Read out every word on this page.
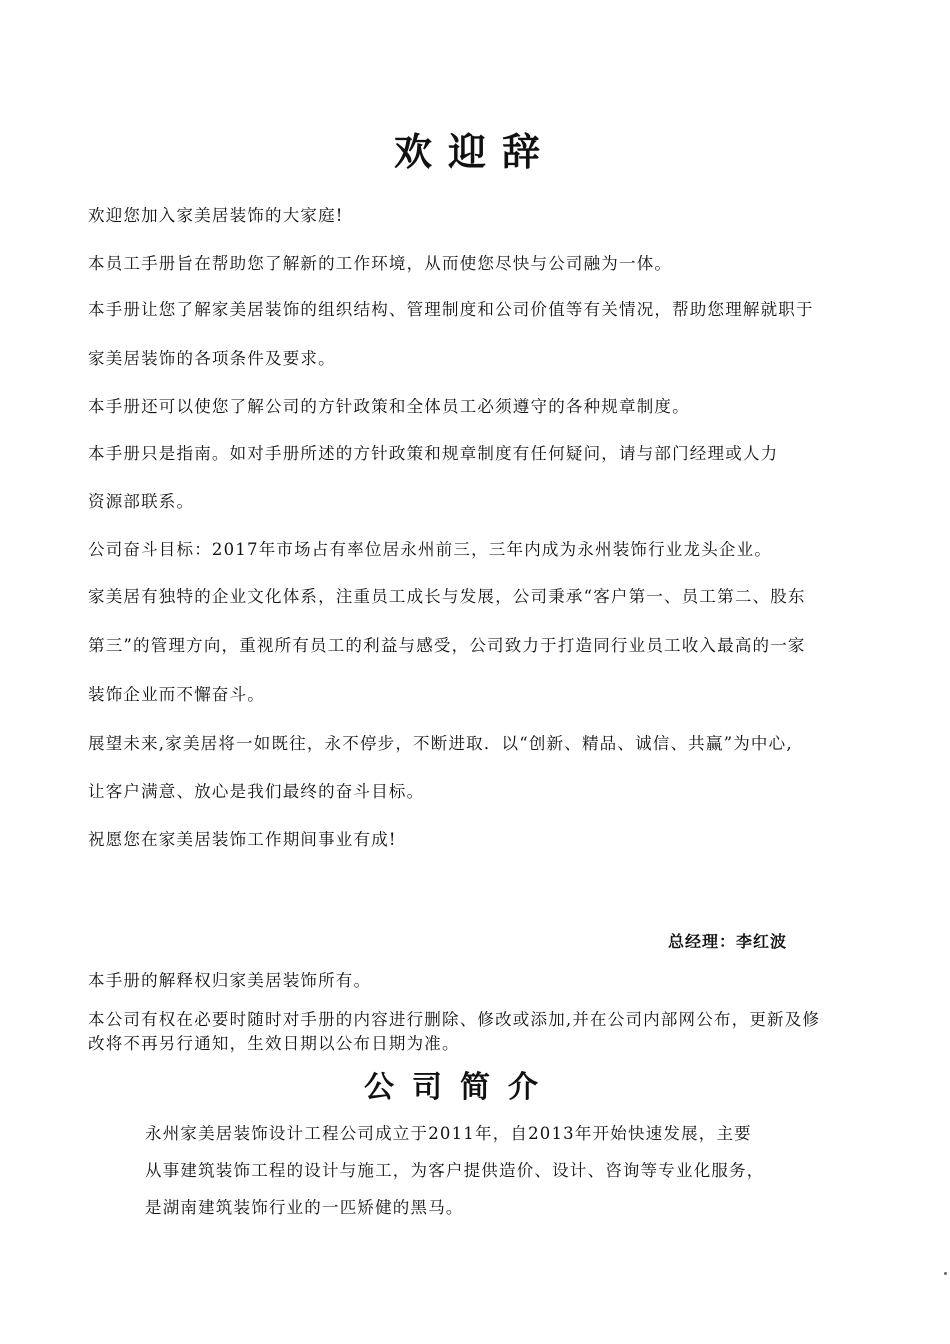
欢迎辞

欢迎您加入家美居装饰的大家庭!

本员工手册旨在帮助您了解新的工作环境，从而使您尽快与公司融为一体。

本手册让您了解家美居装饰的组织结构、管理制度和公司价值等有关情况，帮助您理解就职于

家美居装饰的各项条件及要求。

本手册还可以使您了解公司的方针政策和全体员工必须遵守的各种规章制度。

本手册只是指南。如对手册所述的方针政策和规章制度有任何疑问，请与部门经理或人力

资源部联系。

公司奋斗目标：2017年市场占有率位居永州前三，三年内成为永州装饰行业龙头企业。

家美居有独特的企业文化体系，注重员工成长与发展，公司秉承“客户第一、员工第二、股东

第三”的管理方向，重视所有员工的利益与感受，公司致力于打造同行业员工收入最高的一家

装饰企业而不懈奋斗。

展望未来,家美居将一如既往，永不停步，不断进取．以“创新、精品、诚信、共赢”为中心,

让客户满意、放心是我们最终的奋斗目标。

祝愿您在家美居装饰工作期间事业有成!

总经理：李红波

本手册的解释权归家美居装饰所有。

本公司有权在必要时随时对手册的内容进行删除、修改或添加,并在公司内部网公布，更新及修

改将不再另行通知，生效日期以公布日期为准。

公司简介

永州家美居装饰设计工程公司成立于2011年，自2013年开始快速发展，主要

从事建筑装饰工程的设计与施工，为客户提供造价、设计、咨询等专业化服务，

是湖南建筑装饰行业的一匹矫健的黑马。
